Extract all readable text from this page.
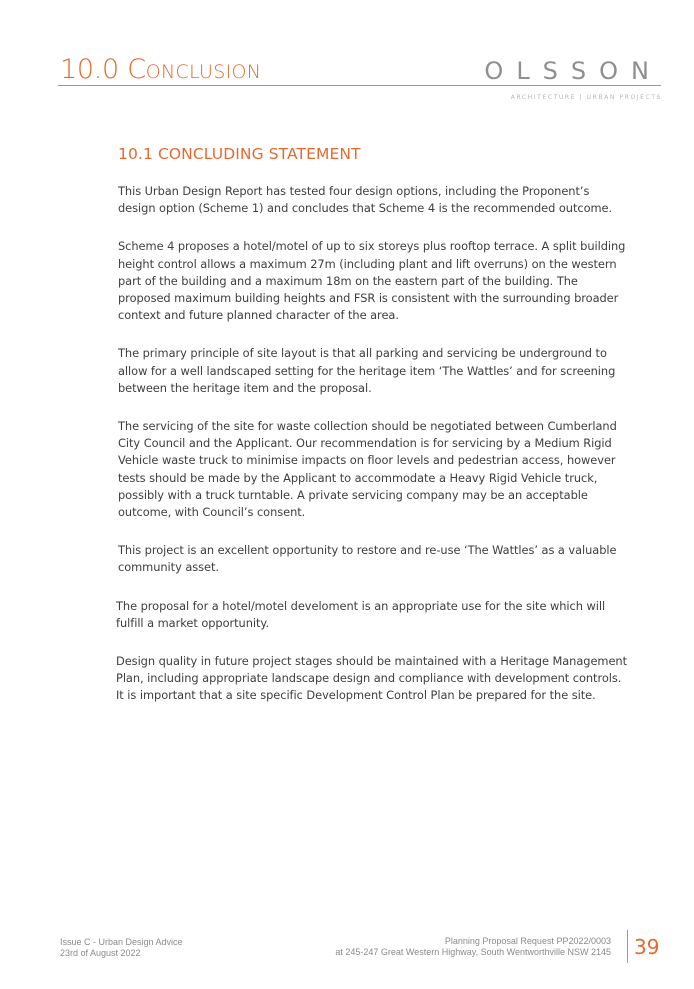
10.0 CONCLUSION	OLSSON
ARCHITECTURE | URBAN PROJECTS
10.1 CONCLUDING STATEMENT

This Urban Design Report has tested four design options, including the Proponent’s design option (Scheme 1) and concludes that Scheme 4 is the recommended outcome.

Scheme 4 proposes a hotel/motel of up to six storeys plus rooftop terrace. A split building height control allows a maximum 27m (including plant and lift overruns) on the western part of the building and a maximum 18m on the eastern part of the building. The proposed maximum building heights and FSR is consistent with the surrounding broader context and future planned character of the area.

The primary principle of site layout is that all parking and servicing be underground to allow for a well landscaped setting for the heritage item ‘The Wattles’ and for screening between the heritage item and the proposal.

The servicing of the site for waste collection should be negotiated between Cumberland City Council and the Applicant. Our recommendation is for servicing by a Medium Rigid Vehicle waste truck to minimise impacts on floor levels and pedestrian access, however tests should be made by the Applicant to accommodate a Heavy Rigid Vehicle truck, possibly with a truck turntable. A private servicing company may be an acceptable outcome, with Council’s consent.

This project is an excellent opportunity to restore and re-use ‘The Wattles’ as a valuable community asset.

The proposal for a hotel/motel develoment is an appropriate use for the site which will fulfill a market opportunity.

Design quality in future project stages should be maintained with a Heritage Management Plan, including appropriate landscape design and compliance with development controls. It is important that a site specific Development Control Plan be prepared for the site.

Issue C - Urban Design Advice
23rd of August 2022
Planning Proposal Request PP2022/0003
at 245-247 Great Western Highway, South Wentworthville NSW 2145 39
